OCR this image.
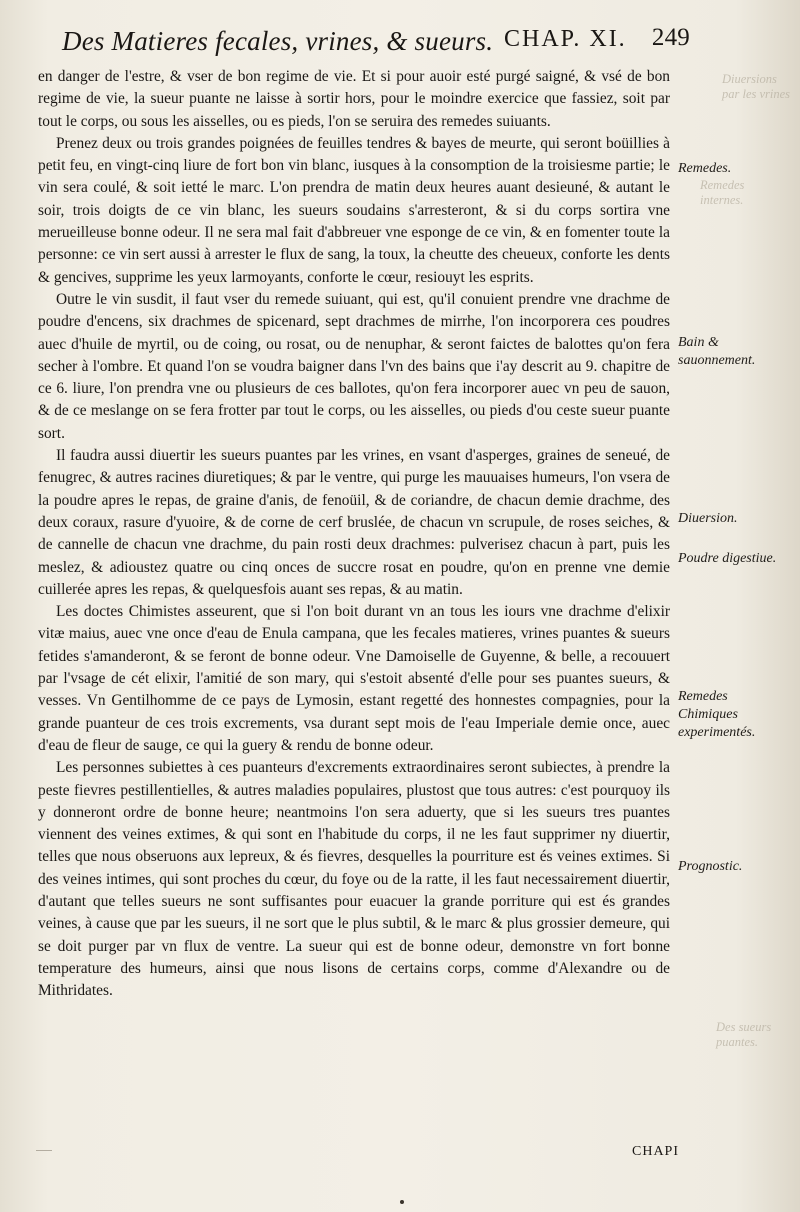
Des Matieres fecales, vrines, & sueurs. CHAP. XI. 249

en danger de l'estre, & vser de bon regime de vie. Et si pour auoir esté purgé saigné, & vsé de bon regime de vie, la sueur puante ne laisse à sortir hors, pour le moindre exercice que fassiez, soit par tout le corps, ou sous les aisselles, ou es pieds, l'on se seruira des remedes suiuants.

Prenez deux ou trois grandes poignées de feuilles tendres & bayes de meurte, qui seront boüillies à petit feu, en vingt-cinq liure de fort bon vin blanc, iusques à la consomption de la troisiesme partie; le vin sera coulé, & soit ietté le marc. L'on prendra de matin deux heures auant desieuné, & autant le soir, trois doigts de ce vin blanc, les sueurs soudains s'arresteront, & si du corps sortira vne merueilleuse bonne odeur. Il ne sera mal fait d'abbreuer vne esponge de ce vin, & en fomenter toute la personne: ce vin sert aussi à arrester le flux de sang, la toux, la cheutte des cheueux, conforte les dents & gencives, supprime les yeux larmoyants, conforte le cœur, resiouyt les esprits.

Outre le vin susdit, il faut vser du remede suiuant, qui est, qu'il conuient prendre vne drachme de poudre d'encens, six drachmes de spicenard, sept drachmes de mirrhe, l'on incorporera ces poudres auec d'huile de myrtil, ou de coing, ou rosat, ou de nenuphar, & seront faictes de balottes qu'on fera secher à l'ombre. Et quand l'on se voudra baigner dans l'vn des bains que i'ay descrit au 9. chapitre de ce 6. liure, l'on prendra vne ou plusieurs de ces ballotes, qu'on fera incorporer auec vn peu de sauon, & de ce meslange on se fera frotter par tout le corps, ou les aisselles, ou pieds d'ou ceste sueur puante sort.

Il faudra aussi diuertir les sueurs puantes par les vrines, en vsant d'asperges, graines de seneué, de fenugrec, & autres racines diuretiques; & par le ventre, qui purge les mauuaises humeurs, l'on vsera de la poudre apres le repas, de graine d'anis, de fenoüil, & de coriandre, de chacun demie drachme, des deux coraux, rasure d'yuoire, & de corne de cerf bruslée, de chacun vn scrupule, de roses seiches, & de cannelle de chacun vne drachme, du pain rosti deux drachmes: pulverisez chacun à part, puis les meslez, & adioustez quatre ou cinq onces de succre rosat en poudre, qu'on en prenne vne demie cuillerée apres les repas, & quelquesfois auant ses repas, & au matin.

Les doctes Chimistes asseurent, que si l'on boit durant vn an tous les iours vne drachme d'elixir vitæ maius, auec vne once d'eau de Enula campana, que les fecales matieres, vrines puantes & sueurs fetides s'amanderont, & se feront de bonne odeur. Vne Damoiselle de Guyenne, & belle, a recouuert par l'vsage de cét elixir, l'amitié de son mary, qui s'estoit absenté d'elle pour ses puantes sueurs, & vesses. Vn Gentilhomme de ce pays de Lymosin, estant regetté des honnestes compagnies, pour la grande puanteur de ces trois excrements, vsa durant sept mois de l'eau Imperiale demie once, auec d'eau de fleur de sauge, ce qui la guery & rendu de bonne odeur.

Les personnes subiettes à ces puanteurs d'excrements extraordinaires seront subiectes, à prendre la peste fievres pestillentielles, & autres maladies populaires, plustost que tous autres: c'est pourquoy ils y donneront ordre de bonne heure; neantmoins l'on sera aduerty, que si les sueurs tres puantes viennent des veines extimes, & qui sont en l'habitude du corps, il ne les faut supprimer ny diuertir, telles que nous obseruons aux lepreux, & és fievres, desquelles la pourriture est és veines extimes. Si des veines intimes, qui sont proches du cœur, du foye ou de la ratte, il les faut necessairement diuertir, d'autant que telles sueurs ne sont suffisantes pour euacuer la grande porriture qui est és grandes veines, à cause que par les sueurs, il ne sort que le plus subtil, & le marc & plus grossier demeure, qui se doit purger par vn flux de ventre. La sueur qui est de bonne odeur, demonstre vn fort bonne temperature des humeurs, ainsi que nous lisons de certains corps, comme d'Alexandre ou de Mithridates.

Remedes.
Bain & sauonnement.
Diuersion.
Poudre digestiue.
Remedes Chimiques experimentés.
Prognostic.
Diuersions par les vrines
Remedes internes.
Des sueurs puantes.
CHAPI
